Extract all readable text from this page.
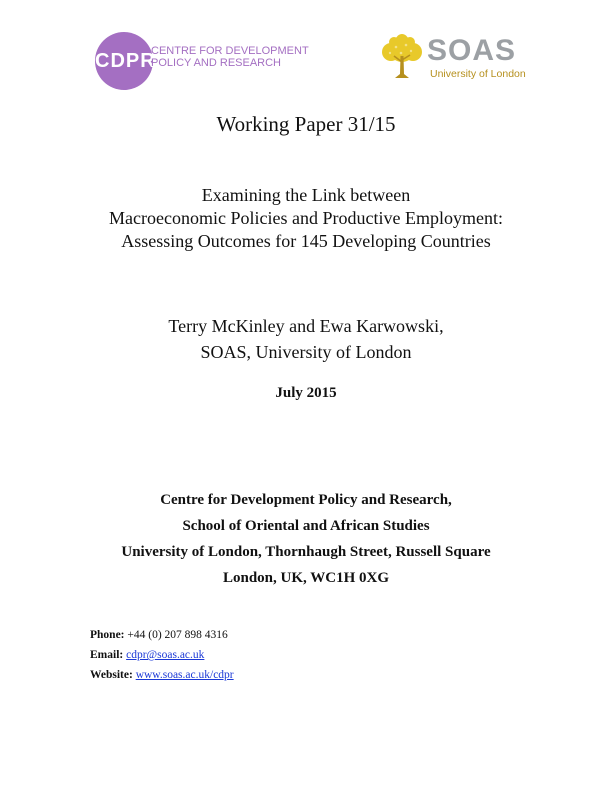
CDPR
CENTRE FOR DEVELOPMENT
POLICY AND RESEARCH	SOAS
University of London
Working Paper 31/15
Examining the Link between
Macroeconomic Policies and Productive Employment:
Assessing Outcomes for 145 Developing Countries
Terry McKinley and Ewa Karwowski,
SOAS, University of London
July 2015
Centre for Development Policy and Research,
School of Oriental and African Studies
University of London, Thornhaugh Street, Russell Square
London, UK, WC1H 0XG
Phone: +44 (0) 207 898 4316
Email: cdpr@soas.ac.uk
Website: www.soas.ac.uk/cdpr
